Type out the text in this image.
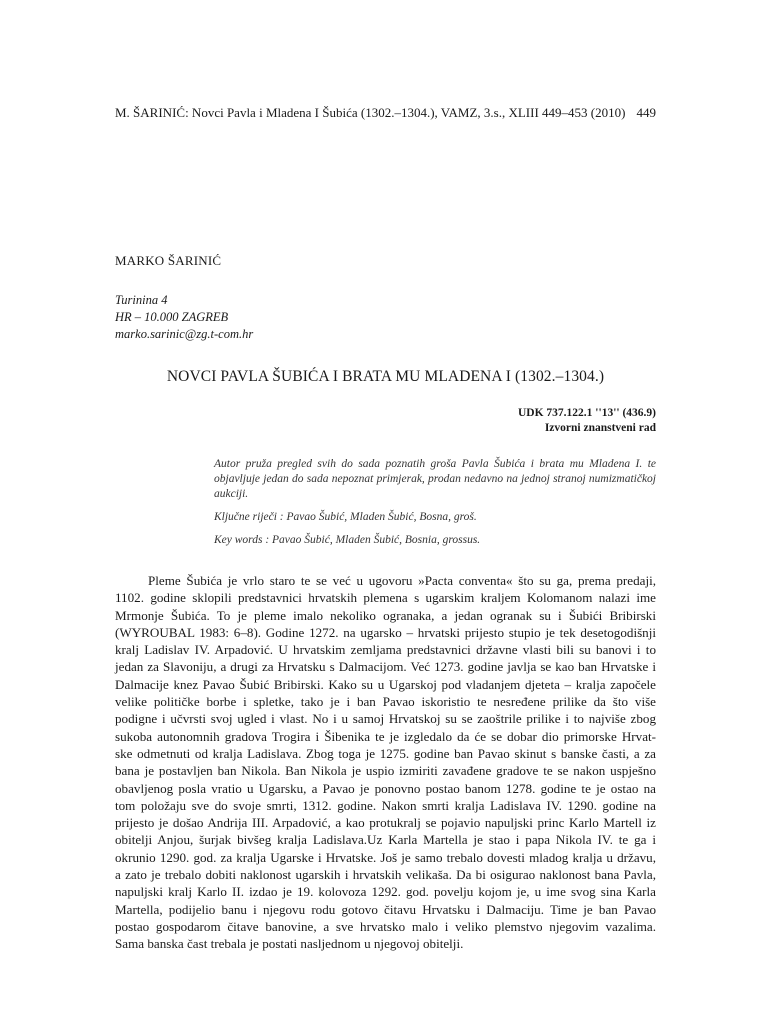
M. ŠARINIĆ: Novci Pavla i Mladena I Šubića (1302.–1304.), VAMZ, 3.s., XLIII 449–453 (2010) 449
MARKO ŠARINIĆ
Turinina 4
HR – 10.000 ZAGREB
marko.sarinic@zg.t-com.hr
NOVCI PAVLA ŠUBIĆA I BRATA MU MLADENA I (1302.–1304.)
UDK 737.122.1 ''13'' (436.9)
Izvorni znanstveni rad

Autor pruža pregled svih do sada poznatih groša Pavla Šubića i brata mu Mladena I. te objavljuje jedan do sada nepoznat primjerak, prodan nedavno na jednoj stranoj numizmatičkoj aukciji.

Ključne riječi : Pavao Šubić, Mladen Šubić, Bosna, groš.

Key words : Pavao Šubić, Mladen Šubić, Bosnia, grossus.

Pleme Šubića je vrlo staro te se već u ugovoru »Pacta conventa« što su ga, prema predaji,
1102. godine sklopili predstavnici hrvatskih plemena s ugarskim kraljem Kolomanom nalazi ime
Mrmonje Šubića. To je pleme imalo nekoliko ogranaka, a jedan ogranak su i Šubići Bribirski
(WYROUBAL 1983: 6–8). Godine 1272. na ugarsko – hrvatski prijesto stupio je tek desetogodišnji
kralj Ladislav IV. Arpadović. U hrvatskim zemljama predstavnici državne vlasti bili su banovi i to
jedan za Slavoniju, a drugi za Hrvatsku s Dalmacijom. Već 1273. godine javlja se kao ban Hrvatske i
Dalmacije knez Pavao Šubić Bribirski. Kako su u Ugarskoj pod vladanjem djeteta – kralja započele
velike političke borbe i spletke, tako je i ban Pavao iskoristio te nesređene prilike da što više
podigne i učvrsti svoj ugled i vlast. No i u samoj Hrvatskoj su se zaoštrile prilike i to najviše zbog
sukoba autonomnih gradova Trogira i Šibenika te je izgledalo da će se dobar dio primorske Hrvat-
ske odmetnuti od kralja Ladislava. Zbog toga je 1275. godine ban Pavao skinut s banske časti, a za
bana je postavljen ban Nikola. Ban Nikola je uspio izmiriti zavađene gradove te se nakon uspješno
obavljenog posla vratio u Ugarsku, a Pavao je ponovno postao banom 1278. godine te je ostao na
tom položaju sve do svoje smrti, 1312. godine. Nakon smrti kralja Ladislava IV. 1290. godine na
prijesto je došao Andrija III. Arpadović, a kao protukralj se pojavio napuljski princ Karlo Martell iz
obitelji Anjou, šurjak bivšeg kralja Ladislava.Uz Karla Martella je stao i papa Nikola IV. te ga i
okrunio 1290. god. za kralja Ugarske i Hrvatske. Još je samo trebalo dovesti mladog kralja u državu,
a zato je trebalo dobiti naklonost ugarskih i hrvatskih velikaša. Da bi osigurao naklonost bana Pavla,
napuljski kralj Karlo II. izdao je 19. kolovoza 1292. god. povelju kojom je, u ime svog sina Karla
Martella, podijelio banu i njegovu rodu gotovo čitavu Hrvatsku i Dalmaciju. Time je ban Pavao
postao gospodarom čitave banovine, a sve hrvatsko malo i veliko plemstvo njegovim vazalima.
Sama banska čast trebala je postati nasljednom u njegovoj obitelji.
